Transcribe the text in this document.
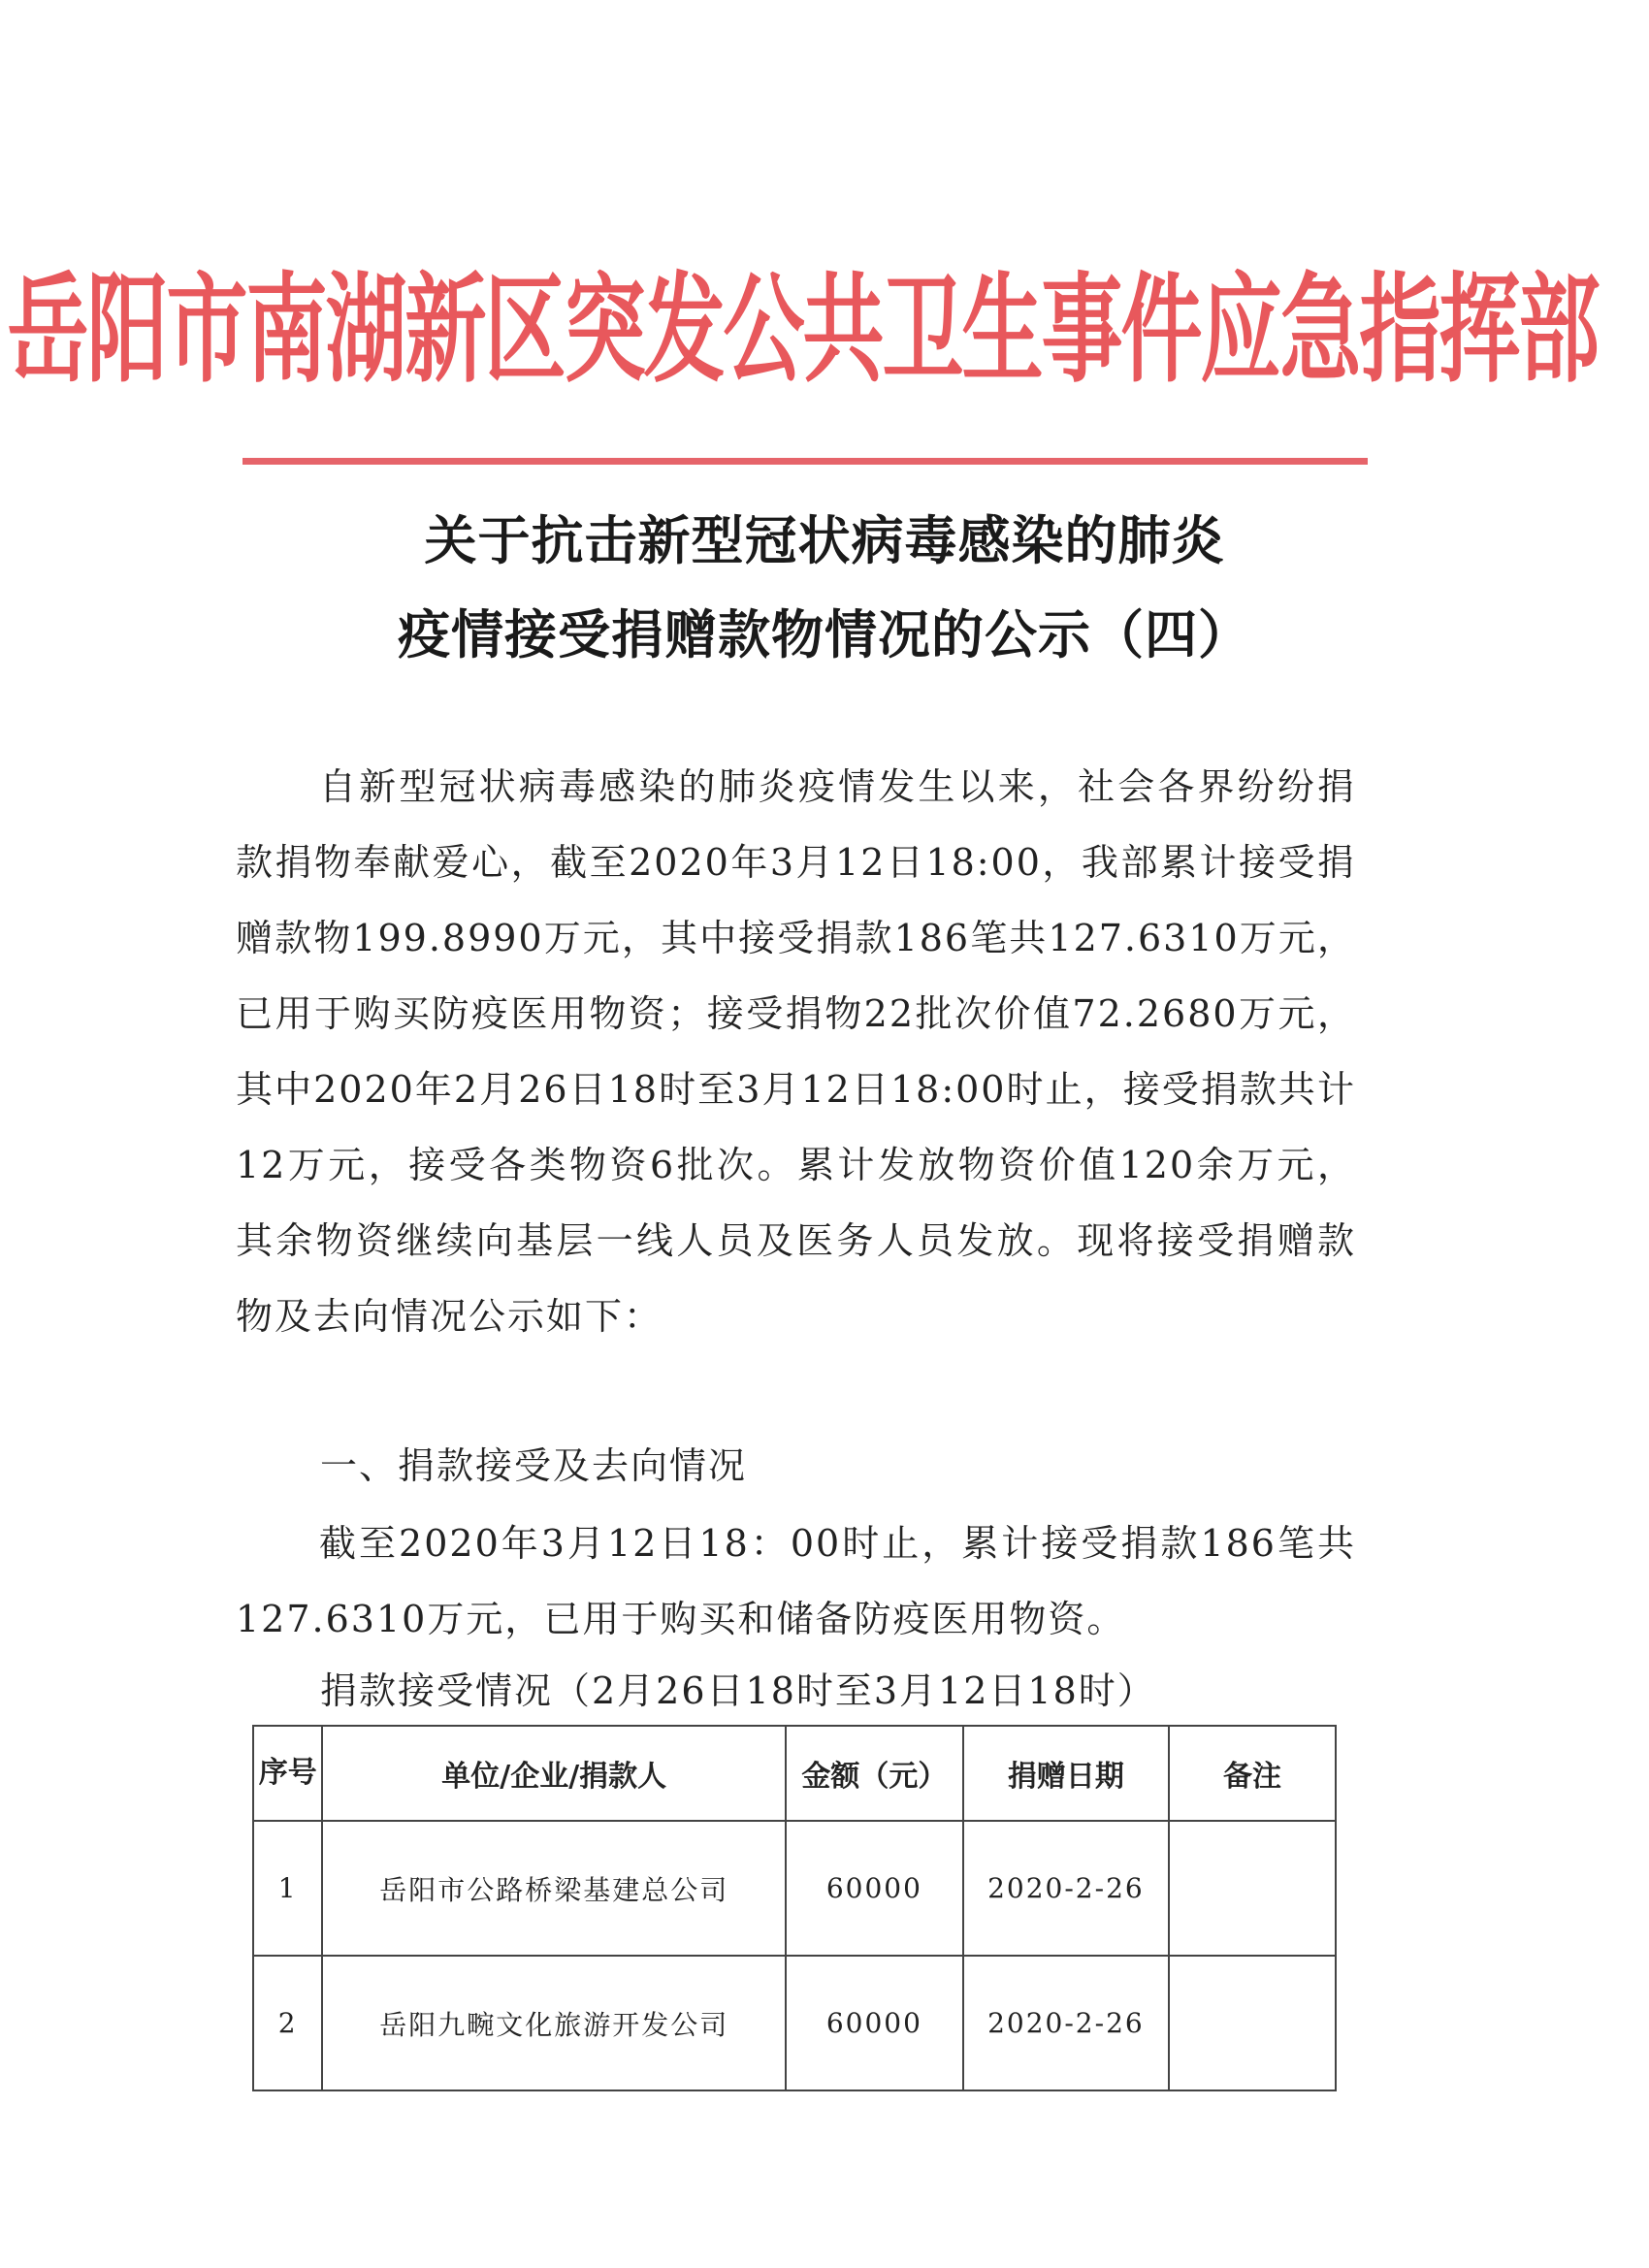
岳阳市南湖新区突发公共卫生事件应急指挥部
关于抗击新型冠状病毒感染的肺炎
疫情接受捐赠款物情况的公示（四）
自新型冠状病毒感染的肺炎疫情发生以来，社会各界纷纷捐款捐物奉献爱心，截至2020年3月12日18:00，我部累计接受捐赠款物199.8990万元，其中接受捐款186笔共127.6310万元，已用于购买防疫医用物资；接受捐物22批次价值72.2680万元，其中2020年2月26日18时至3月12日18:00时止，接受捐款共计12万元，接受各类物资6批次。累计发放物资价值120余万元，其余物资继续向基层一线人员及医务人员发放。现将接受捐赠款物及去向情况公示如下：
一、捐款接受及去向情况
截至2020年3月12日18：00时止，累计接受捐款186笔共127.6310万元，已用于购买和储备防疫医用物资。
捐款接受情况（2月26日18时至3月12日18时）
序号	单位/企业/捐款人	金额（元）	捐赠日期	备注
1	岳阳市公路桥梁基建总公司	60000	2020-2-26	
2	岳阳九畹文化旅游开发公司	60000	2020-2-26	
